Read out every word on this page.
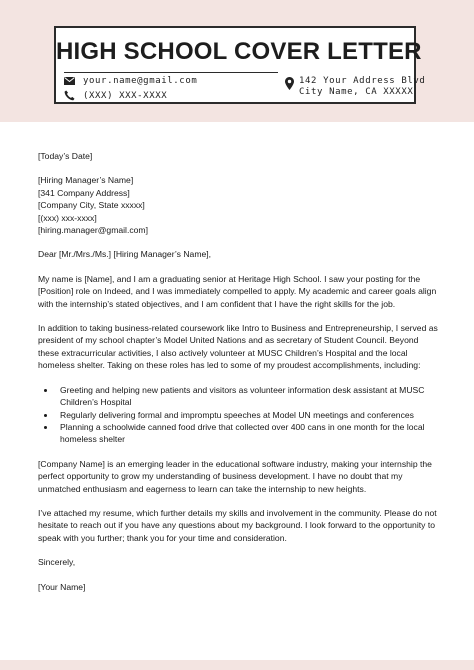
HIGH SCHOOL COVER LETTER
your.name@gmail.com
(XXX) XXX-XXXX
142 Your Address Blvd
City Name, CA XXXXX

[Today’s Date]

[Hiring Manager’s Name]
[341 Company Address]
[Company City, State xxxxx]
[(xxx) xxx-xxxx]
[hiring.manager@gmail.com]

Dear [Mr./Mrs./Ms.] [Hiring Manager’s Name],

My name is [Name], and I am a graduating senior at Heritage High School. I saw your posting for the [Position] role on Indeed, and I was immediately compelled to apply. My academic and career goals align with the internship’s stated objectives, and I am confident that I have the right skills for the job.

In addition to taking business-related coursework like Intro to Business and Entrepreneurship, I served as president of my school chapter’s Model United Nations and as secretary of Student Council. Beyond these extracurricular activities, I also actively volunteer at MUSC Children’s Hospital and the local homeless shelter. Taking on these roles has led to some of my proudest accomplishments, including:

• Greeting and helping new patients and visitors as volunteer information desk assistant at MUSC Children’s Hospital
• Regularly delivering formal and impromptu speeches at Model UN meetings and conferences
• Planning a schoolwide canned food drive that collected over 400 cans in one month for the local homeless shelter

[Company Name] is an emerging leader in the educational software industry, making your internship the perfect opportunity to grow my understanding of business development. I have no doubt that my unmatched enthusiasm and eagerness to learn can take the internship to new heights.

I’ve attached my resume, which further details my skills and involvement in the community. Please do not hesitate to reach out if you have any questions about my background. I look forward to the opportunity to speak with you further; thank you for your time and consideration.

Sincerely,

[Your Name]
